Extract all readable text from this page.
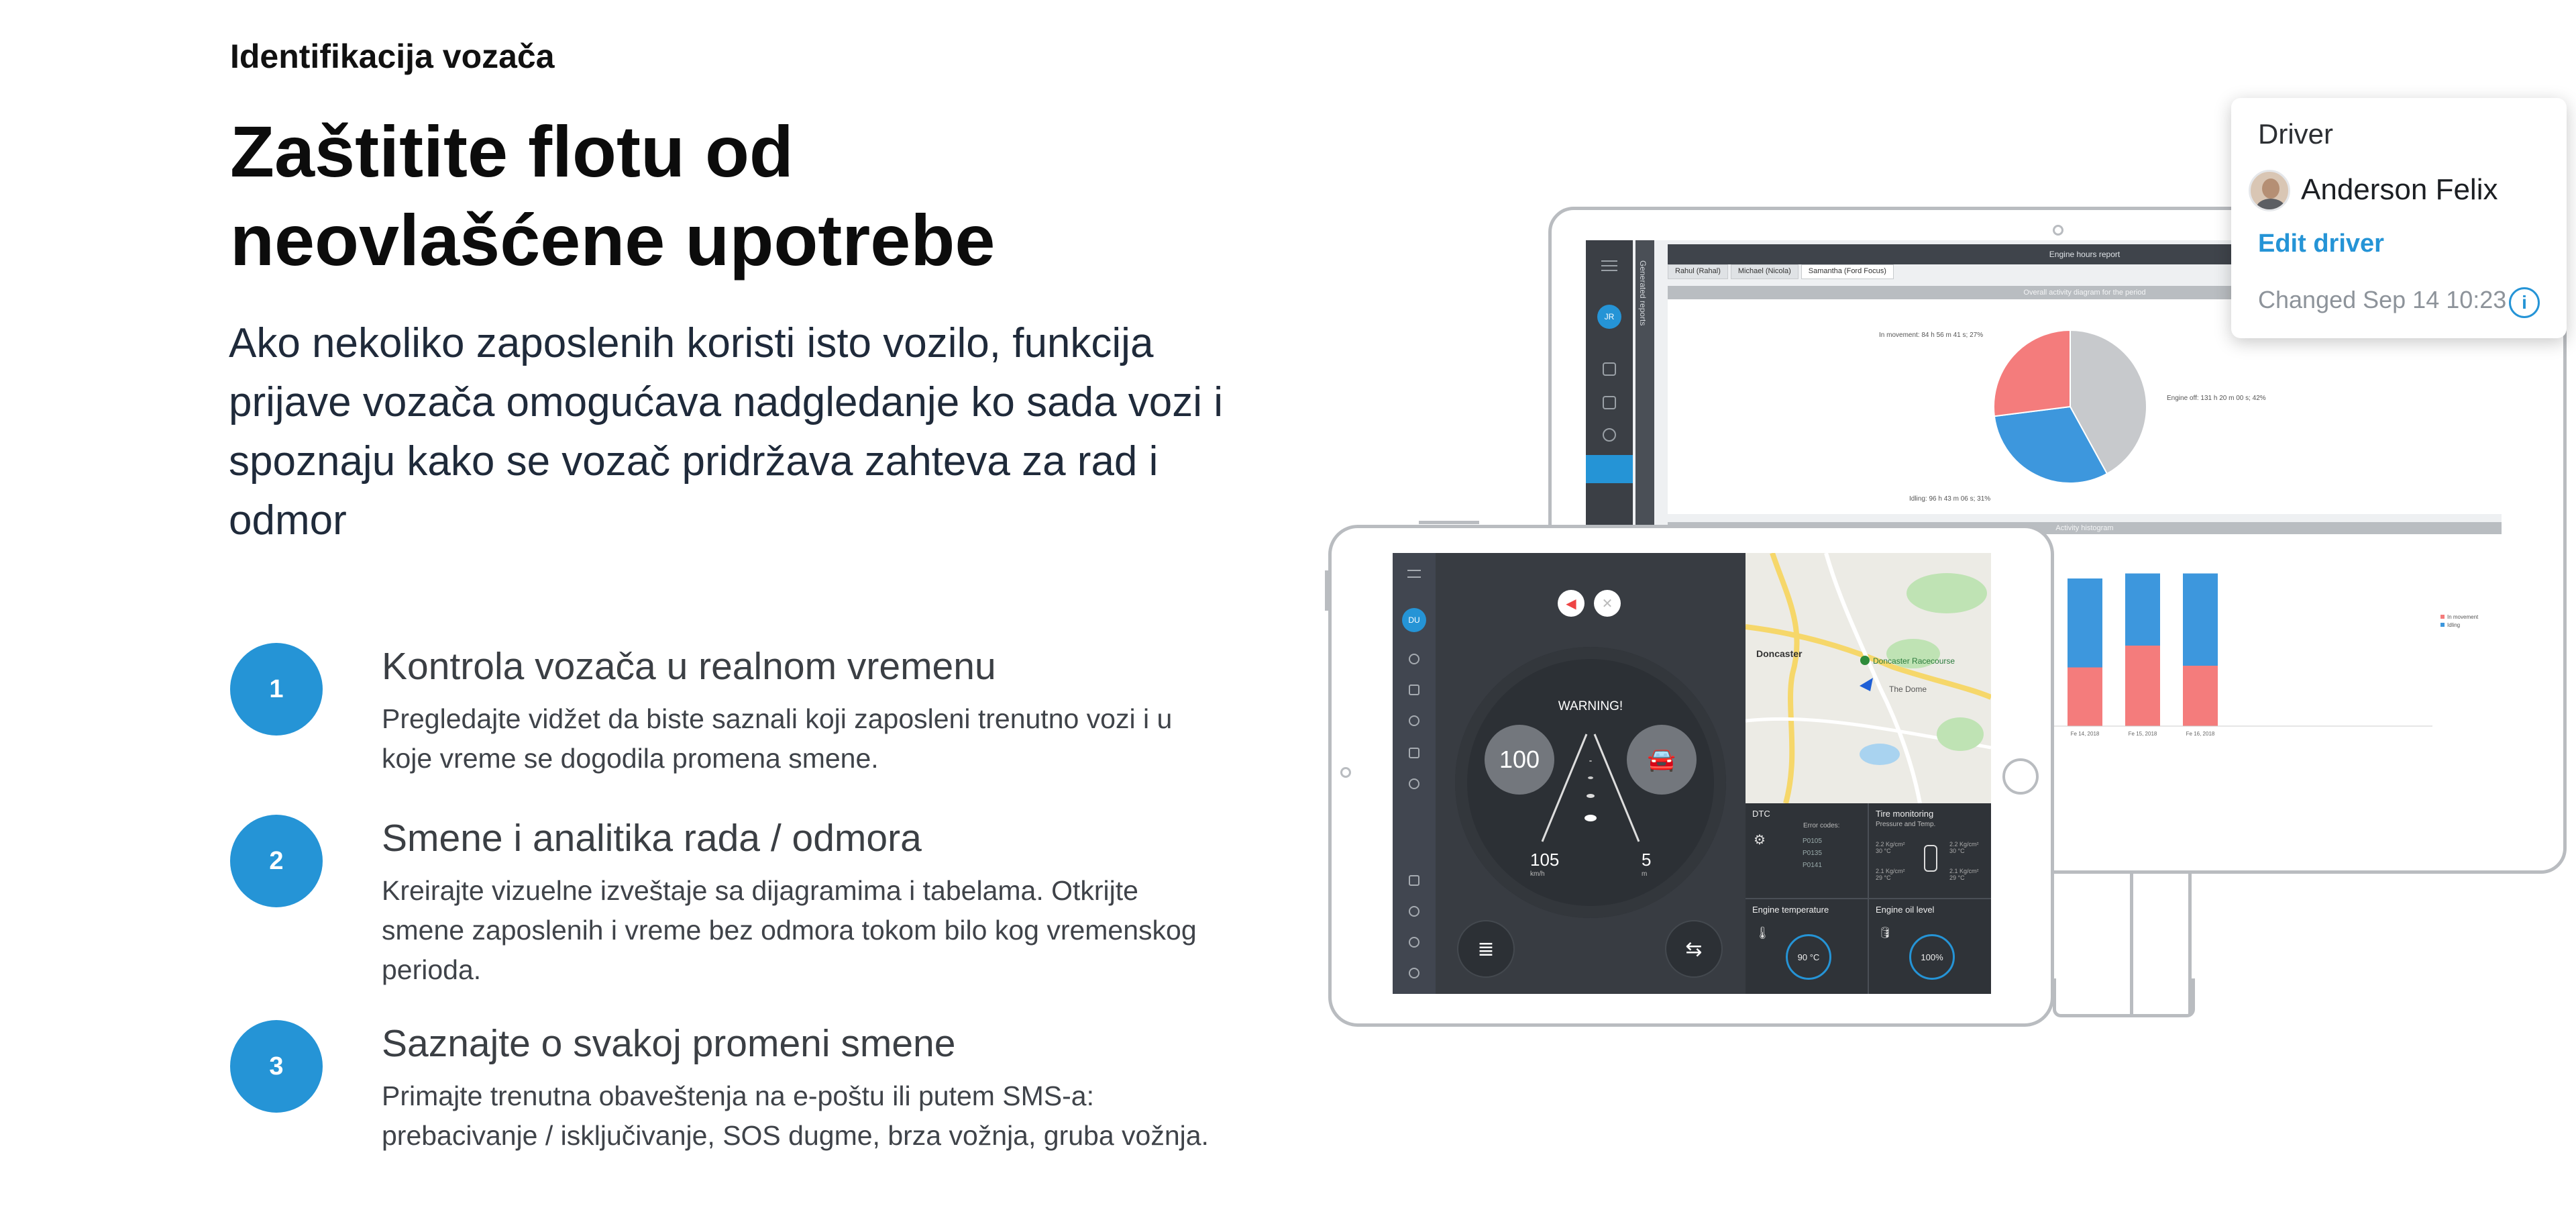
Identifikacija vozača
Zaštitite flotu od neovlašćene upotrebe

Ako nekoliko zaposlenih koristi isto vozilo, funkcija prijave vozača omogućava nadgledanje ko sada vozi i spoznaju kako se vozač pridržava zahteva za rad i odmor

1
Kontrola vozača u realnom vremenu
Pregledajte vidžet da biste saznali koji zaposleni trenutno vozi i u koje vreme se dogodila promena smene.
2
Smene i analitika rada / odmora
Kreirajte vizuelne izveštaje sa dijagramima i tabelama. Otkrijte smene zaposlenih i vreme bez odmora tokom bilo kog vremenskog perioda.
3
Saznajte o svakoj promeni smene
Primajte trenutna obaveštenja na e-poštu ili putem SMS-a: prebacivanje / isključivanje, SOS dugme, brza vožnja, gruba vožnja.
JR	Generated reports
Engine hours report
Rahul (Rahal)	Michael (Nicola)	Samantha (Ford Focus)
Overall activity diagram for the period
In movement: 84 h 56 m 41 s; 27%
Engine off: 131 h 20 m 00 s; 42%
Idling: 96 h 43 m 06 s; 31%
Activity histogram
Fe 14, 2018	Fe 15, 2018	Fe 16, 2018
In movement
Idling
Driver
Anderson Felix
Edit driver
Changed Sep 14 10:23 i
DU
◀	✕
WARNING!
100	🚘
105
km/h
5
m
≣	⇆
Doncaster
Doncaster Racecourse
The Dome
DTC
Error codes:
P0105
P0135
P0141
⚙
Tire monitoring
Pressure and Temp.
2.2 Kg/cm²
30 °C
2.2 Kg/cm²
30 °C
2.1 Kg/cm²
29 °C
2.1 Kg/cm²
29 °C
Engine temperature
🌡
90 °C
Engine oil level
🛢
100%
